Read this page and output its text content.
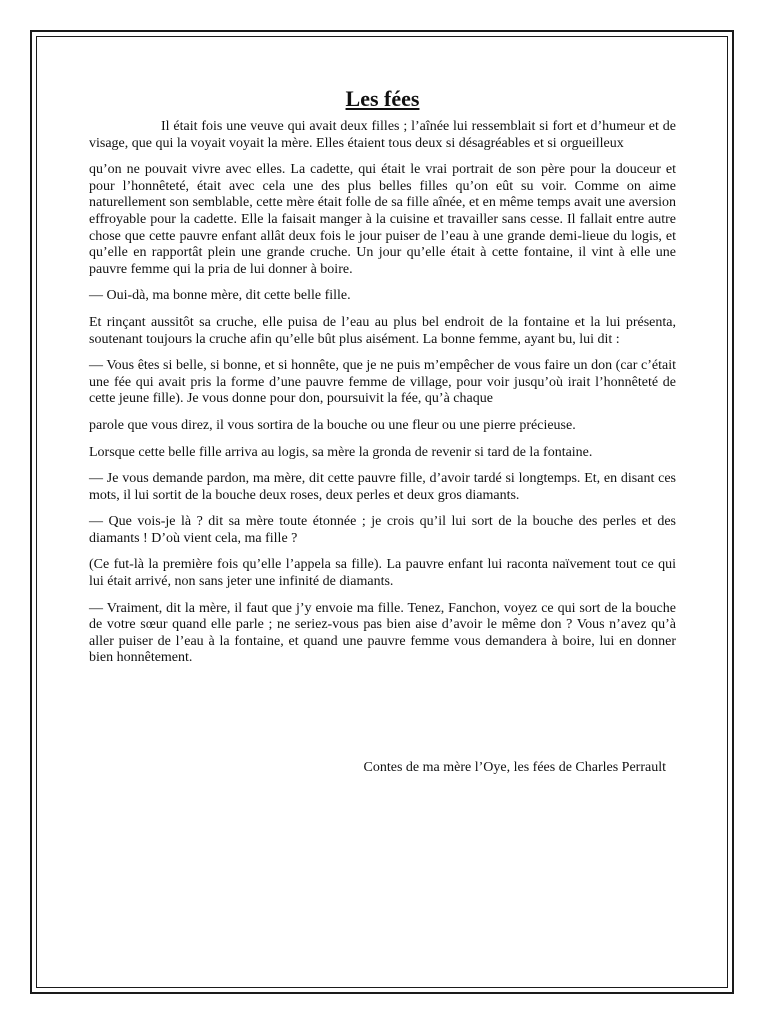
Les fées

Il était fois une veuve qui avait deux filles ; l’aînée lui ressemblait si fort et d’humeur et de visage, que qui la voyait voyait la mère. Elles étaient tous deux si désagréables et si orgueilleux

qu’on ne pouvait vivre avec elles. La cadette, qui était le vrai portrait de son père pour la douceur et pour l’honnêteté, était avec cela une des plus belles filles qu’on eût su voir. Comme on aime naturellement son semblable, cette mère était folle de sa fille aînée, et en même temps avait une aversion effroyable pour la cadette. Elle la faisait manger à la cuisine et travailler sans cesse. Il fallait entre autre chose que cette pauvre enfant allât deux fois le jour puiser de l’eau à une grande demi-lieue du logis, et qu’elle en rapportât plein une grande cruche. Un jour qu’elle était à cette fontaine, il vint à elle une pauvre femme qui la pria de lui donner à boire.

— Oui-dà, ma bonne mère, dit cette belle fille.

Et rinçant aussitôt sa cruche, elle puisa de l’eau au plus bel endroit de la fontaine et la lui présenta, soutenant toujours la cruche afin qu’elle bût plus aisément. La bonne femme, ayant bu, lui dit :

— Vous êtes si belle, si bonne, et si honnête, que je ne puis m’empêcher de vous faire un don (car c’était une fée qui avait pris la forme d’une pauvre femme de village, pour voir jusqu’où irait l’honnêteté de cette jeune fille). Je vous donne pour don, poursuivit la fée, qu’à chaque

parole que vous direz, il vous sortira de la bouche ou une fleur ou une pierre précieuse.

Lorsque cette belle fille arriva au logis, sa mère la gronda de revenir si tard de la fontaine.

— Je vous demande pardon, ma mère, dit cette pauvre fille, d’avoir tardé si longtemps. Et, en disant ces mots, il lui sortit de la bouche deux roses, deux perles et deux gros diamants.

— Que vois-je là ? dit sa mère toute étonnée ; je crois qu’il lui sort de la bouche des perles et des diamants ! D’où vient cela, ma fille ?

(Ce fut-là la première fois qu’elle l’appela sa fille). La pauvre enfant lui raconta naïvement tout ce qui lui était arrivé, non sans jeter une infinité de diamants.

— Vraiment, dit la mère, il faut que j’y envoie ma fille. Tenez, Fanchon, voyez ce qui sort de la bouche de votre sœur quand elle parle ; ne seriez-vous pas bien aise d’avoir le même don ? Vous n’avez qu’à aller puiser de l’eau à la fontaine, et quand une pauvre femme vous demandera à boire, lui en donner bien honnêtement.

Contes de ma mère l’Oye, les fées de Charles Perrault
